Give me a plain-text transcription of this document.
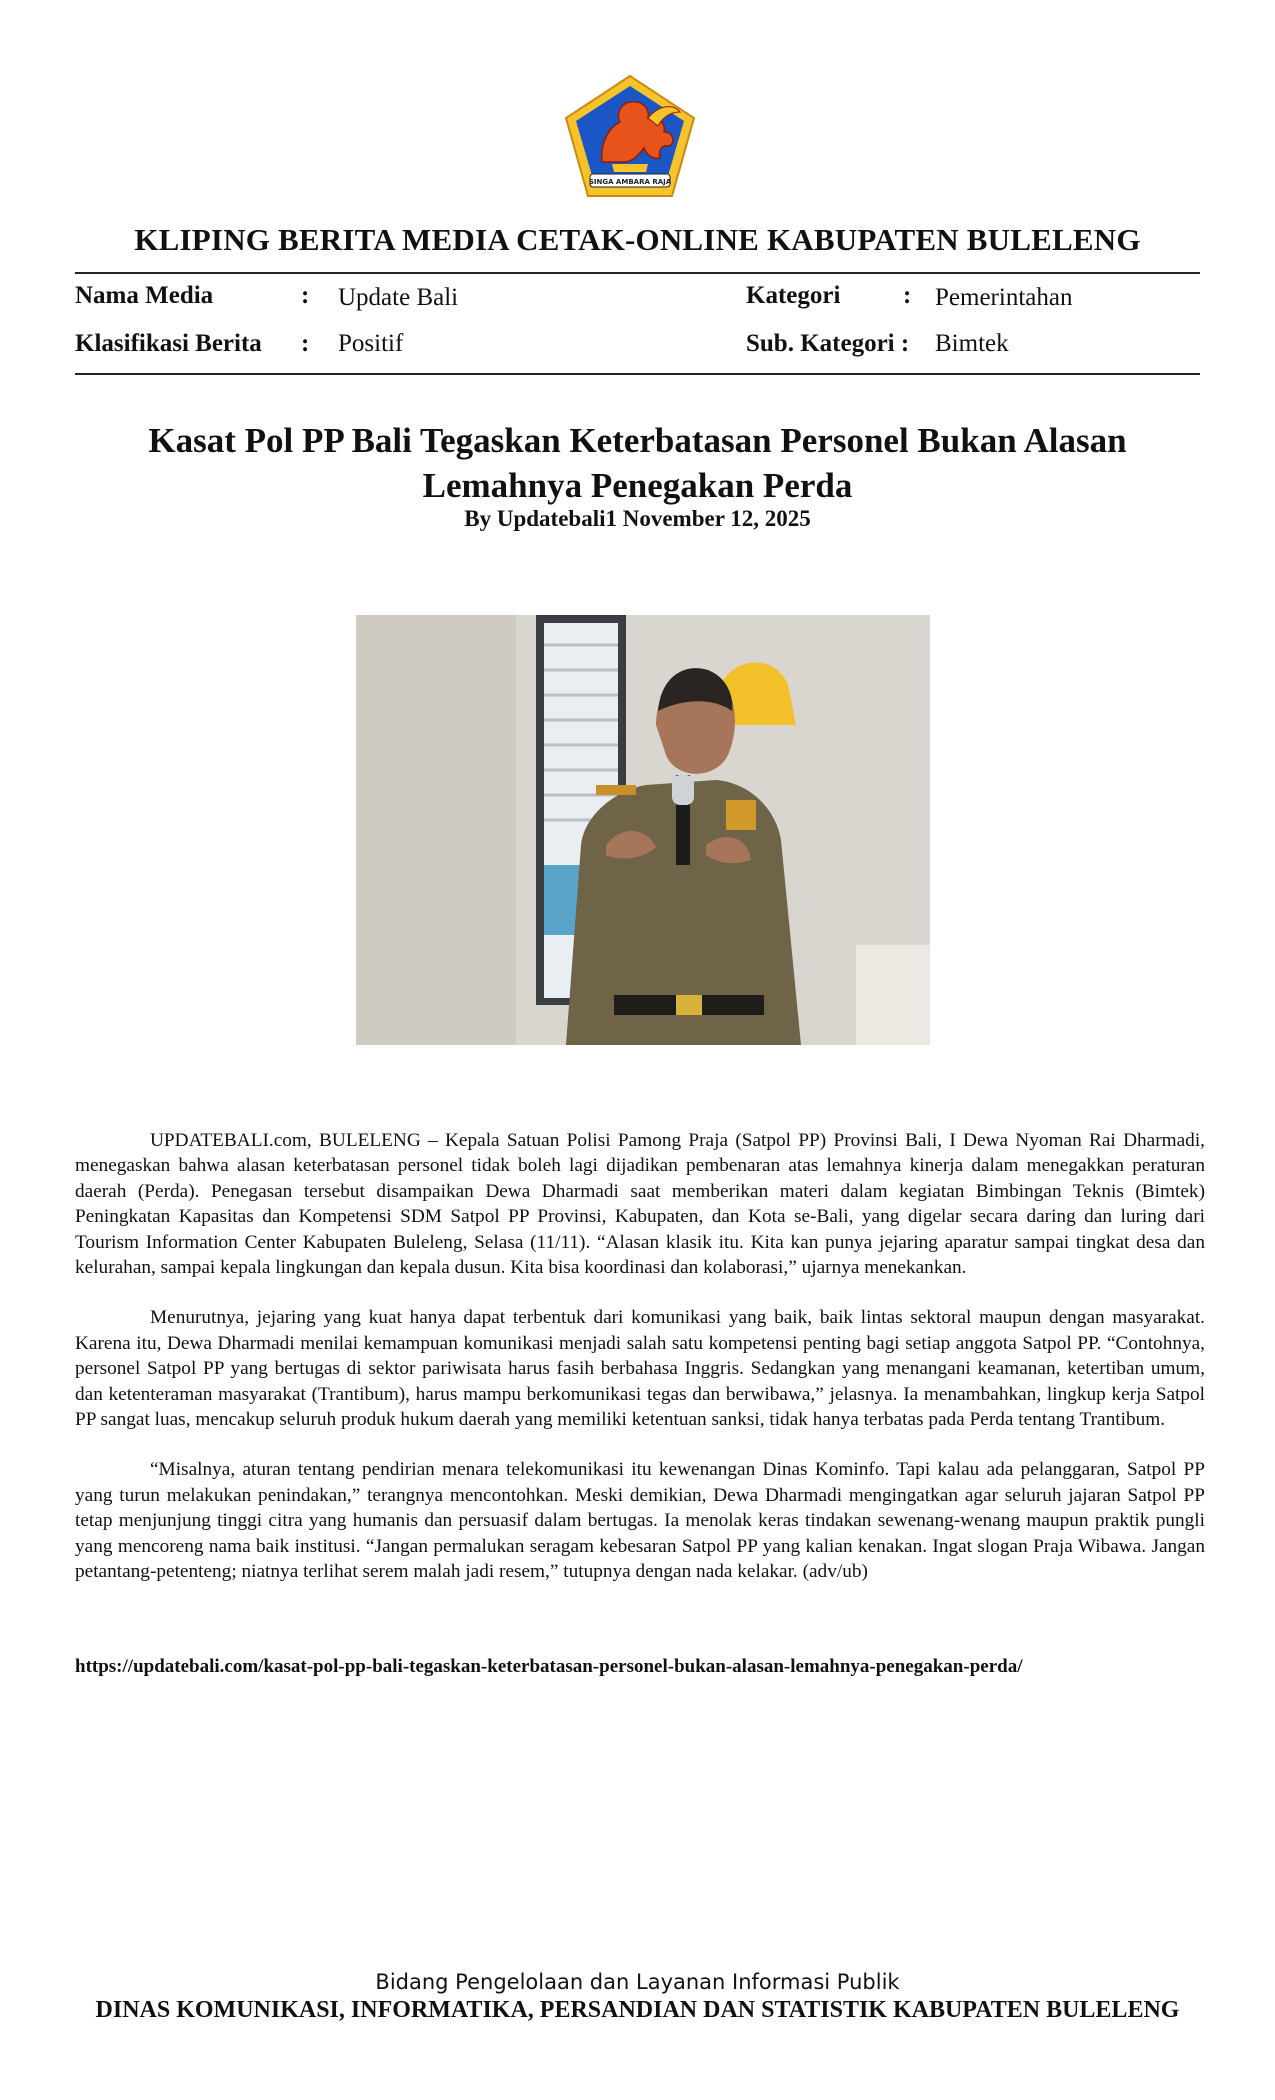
SINGA AMBARA RAJA
KLIPING BERITA MEDIA CETAK-ONLINE KABUPATEN BULELENG
Nama Media	: Update Bali	Kategori	: Pemerintahan
Klasifikasi Berita : Positif	Sub. Kategori : Bimtek
Kasat Pol PP Bali Tegaskan Keterbatasan Personel Bukan Alasan Lemahnya Penegakan Perda
By Updatebali1 November 12, 2025

UPDATEBALI.com, BULELENG – Kepala Satuan Polisi Pamong Praja (Satpol PP) Provinsi Bali, I Dewa Nyoman Rai Dharmadi, menegaskan bahwa alasan keterbatasan personel tidak boleh lagi dijadikan pembenaran atas lemahnya kinerja dalam menegakkan peraturan daerah (Perda). Penegasan tersebut disampaikan Dewa Dharmadi saat memberikan materi dalam kegiatan Bimbingan Teknis (Bimtek) Peningkatan Kapasitas dan Kompetensi SDM Satpol PP Provinsi, Kabupaten, dan Kota se-Bali, yang digelar secara daring dan luring dari Tourism Information Center Kabupaten Buleleng, Selasa (11/11). “Alasan klasik itu. Kita kan punya jejaring aparatur sampai tingkat desa dan kelurahan, sampai kepala lingkungan dan kepala dusun. Kita bisa koordinasi dan kolaborasi,” ujarnya menekankan.

Menurutnya, jejaring yang kuat hanya dapat terbentuk dari komunikasi yang baik, baik lintas sektoral maupun dengan masyarakat. Karena itu, Dewa Dharmadi menilai kemampuan komunikasi menjadi salah satu kompetensi penting bagi setiap anggota Satpol PP. “Contohnya, personel Satpol PP yang bertugas di sektor pariwisata harus fasih berbahasa Inggris. Sedangkan yang menangani keamanan, ketertiban umum, dan ketenteraman masyarakat (Trantibum), harus mampu berkomunikasi tegas dan berwibawa,” jelasnya. Ia menambahkan, lingkup kerja Satpol PP sangat luas, mencakup seluruh produk hukum daerah yang memiliki ketentuan sanksi, tidak hanya terbatas pada Perda tentang Trantibum.

“Misalnya, aturan tentang pendirian menara telekomunikasi itu kewenangan Dinas Kominfo. Tapi kalau ada pelanggaran, Satpol PP yang turun melakukan penindakan,” terangnya mencontohkan. Meski demikian, Dewa Dharmadi mengingatkan agar seluruh jajaran Satpol PP tetap menjunjung tinggi citra yang humanis dan persuasif dalam bertugas. Ia menolak keras tindakan sewenang-wenang maupun praktik pungli yang mencoreng nama baik institusi. “Jangan permalukan seragam kebesaran Satpol PP yang kalian kenakan. Ingat slogan Praja Wibawa. Jangan petantang-petenteng; niatnya terlihat serem malah jadi resem,” tutupnya dengan nada kelakar. (adv/ub)

https://updatebali.com/kasat-pol-pp-bali-tegaskan-keterbatasan-personel-bukan-alasan-lemahnya-penegakan-perda/
Bidang Pengelolaan dan Layanan Informasi Publik
DINAS KOMUNIKASI, INFORMATIKA, PERSANDIAN DAN STATISTIK KABUPATEN BULELENG
